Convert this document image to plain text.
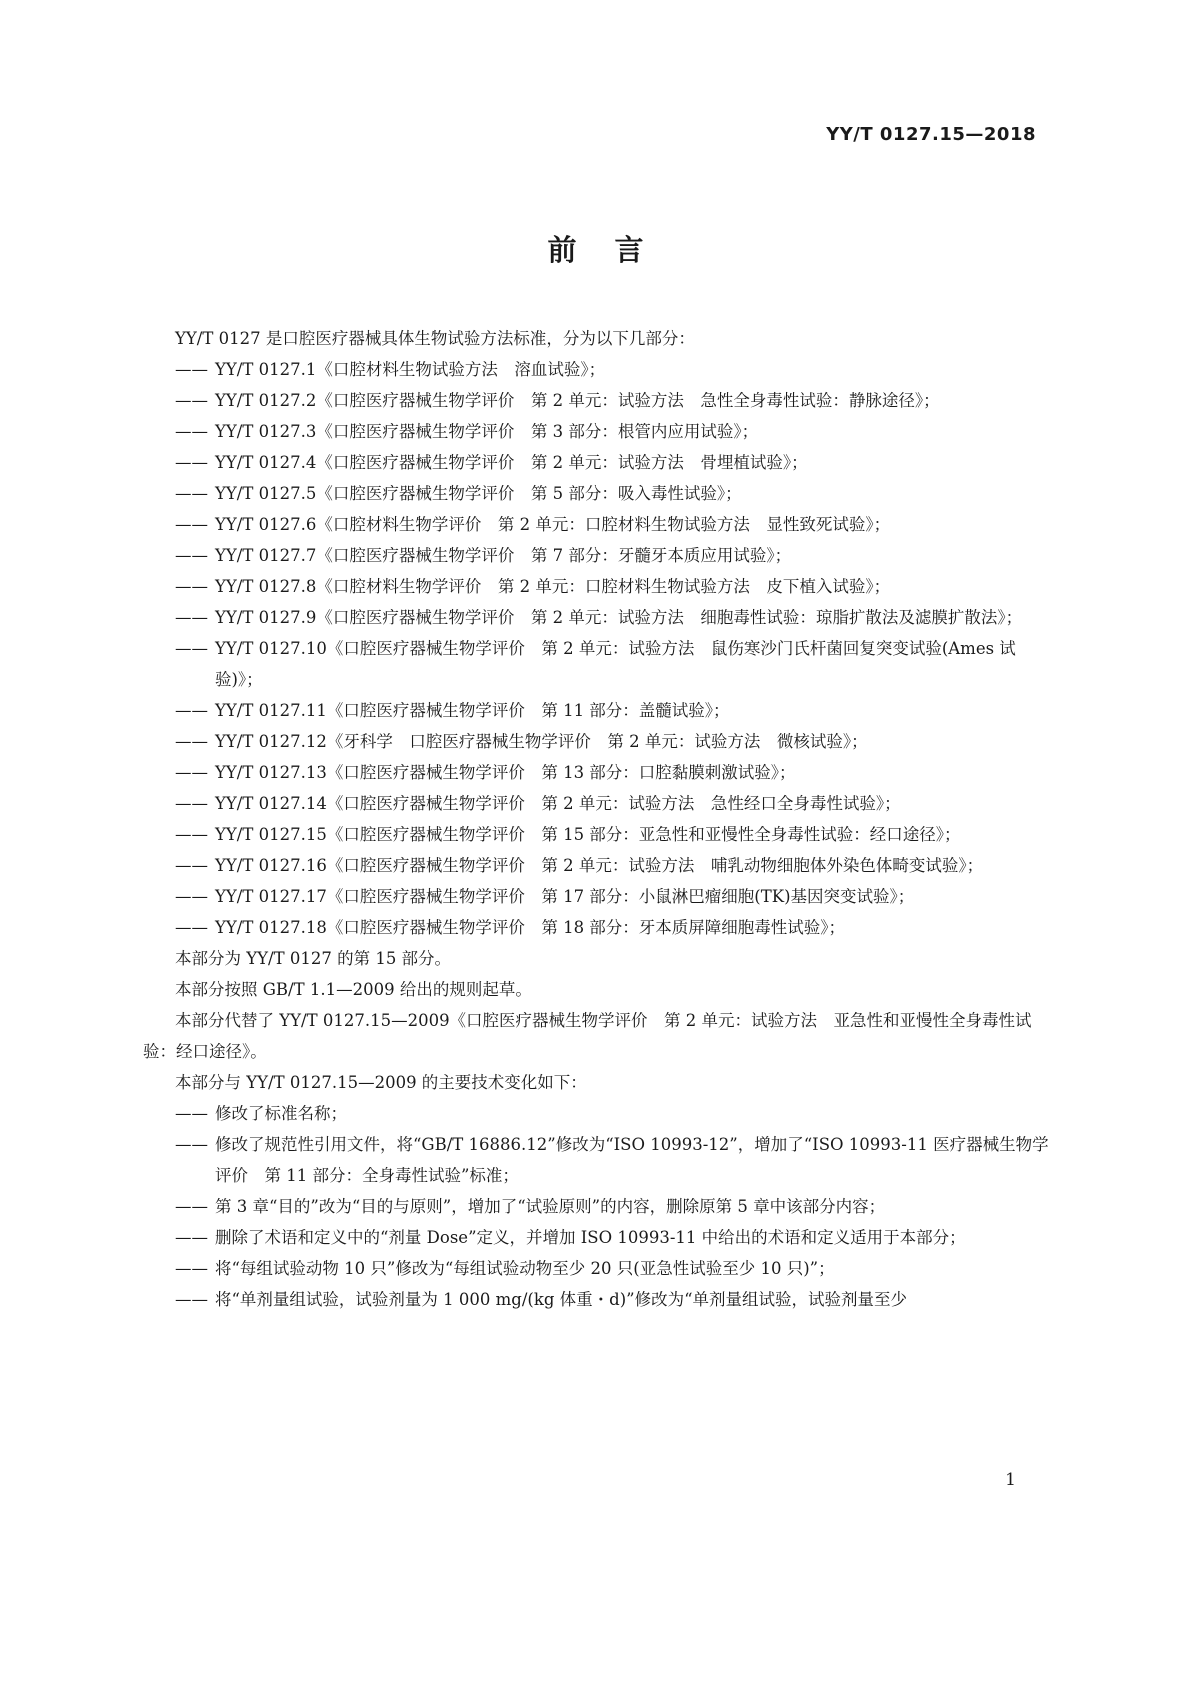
YY/T 0127.15—2018
前言
YY/T 0127 是口腔医疗器械具体生物试验方法标准，分为以下几部分：
—— YY/T 0127.1《口腔材料生物试验方法　溶血试验》；
—— YY/T 0127.2《口腔医疗器械生物学评价　第 2 单元：试验方法　急性全身毒性试验：静脉途径》；
—— YY/T 0127.3《口腔医疗器械生物学评价　第 3 部分：根管内应用试验》；
—— YY/T 0127.4《口腔医疗器械生物学评价　第 2 单元：试验方法　骨埋植试验》；
—— YY/T 0127.5《口腔医疗器械生物学评价　第 5 部分：吸入毒性试验》；
—— YY/T 0127.6《口腔材料生物学评价　第 2 单元：口腔材料生物试验方法　显性致死试验》；
—— YY/T 0127.7《口腔医疗器械生物学评价　第 7 部分：牙髓牙本质应用试验》；
—— YY/T 0127.8《口腔材料生物学评价　第 2 单元：口腔材料生物试验方法　皮下植入试验》；
—— YY/T 0127.9《口腔医疗器械生物学评价　第 2 单元：试验方法　细胞毒性试验：琼脂扩散法及滤膜扩散法》；
—— YY/T 0127.10《口腔医疗器械生物学评价　第 2 单元：试验方法　鼠伤寒沙门氏杆菌回复突变试验(Ames 试验)》；
—— YY/T 0127.11《口腔医疗器械生物学评价　第 11 部分：盖髓试验》；
—— YY/T 0127.12《牙科学　口腔医疗器械生物学评价　第 2 单元：试验方法　微核试验》；
—— YY/T 0127.13《口腔医疗器械生物学评价　第 13 部分：口腔黏膜刺激试验》；
—— YY/T 0127.14《口腔医疗器械生物学评价　第 2 单元：试验方法　急性经口全身毒性试验》；
—— YY/T 0127.15《口腔医疗器械生物学评价　第 15 部分：亚急性和亚慢性全身毒性试验：经口途径》；
—— YY/T 0127.16《口腔医疗器械生物学评价　第 2 单元：试验方法　哺乳动物细胞体外染色体畸变试验》；
—— YY/T 0127.17《口腔医疗器械生物学评价　第 17 部分：小鼠淋巴瘤细胞(TK)基因突变试验》；
—— YY/T 0127.18《口腔医疗器械生物学评价　第 18 部分：牙本质屏障细胞毒性试验》；
本部分为 YY/T 0127 的第 15 部分。
本部分按照 GB/T 1.1—2009 给出的规则起草。
本部分代替了 YY/T 0127.15—2009《口腔医疗器械生物学评价　第 2 单元：试验方法　亚急性和亚慢性全身毒性试验：经口途径》。
本部分与 YY/T 0127.15—2009 的主要技术变化如下：
—— 修改了标准名称；
—— 修改了规范性引用文件，将“GB/T 16886.12”修改为“ISO 10993-12”，增加了“ISO 10993-11 医疗器械生物学评价　第 11 部分：全身毒性试验”标准；
—— 第 3 章“目的”改为“目的与原则”，增加了“试验原则”的内容，删除原第 5 章中该部分内容；
—— 删除了术语和定义中的“剂量 Dose”定义，并增加 ISO 10993-11 中给出的术语和定义适用于本部分；
—— 将“每组试验动物 10 只”修改为“每组试验动物至少 20 只(亚急性试验至少 10 只)”；
—— 将“单剂量组试验，试验剂量为 1 000 mg/(kg 体重・d)”修改为“单剂量组试验，试验剂量至少
1
